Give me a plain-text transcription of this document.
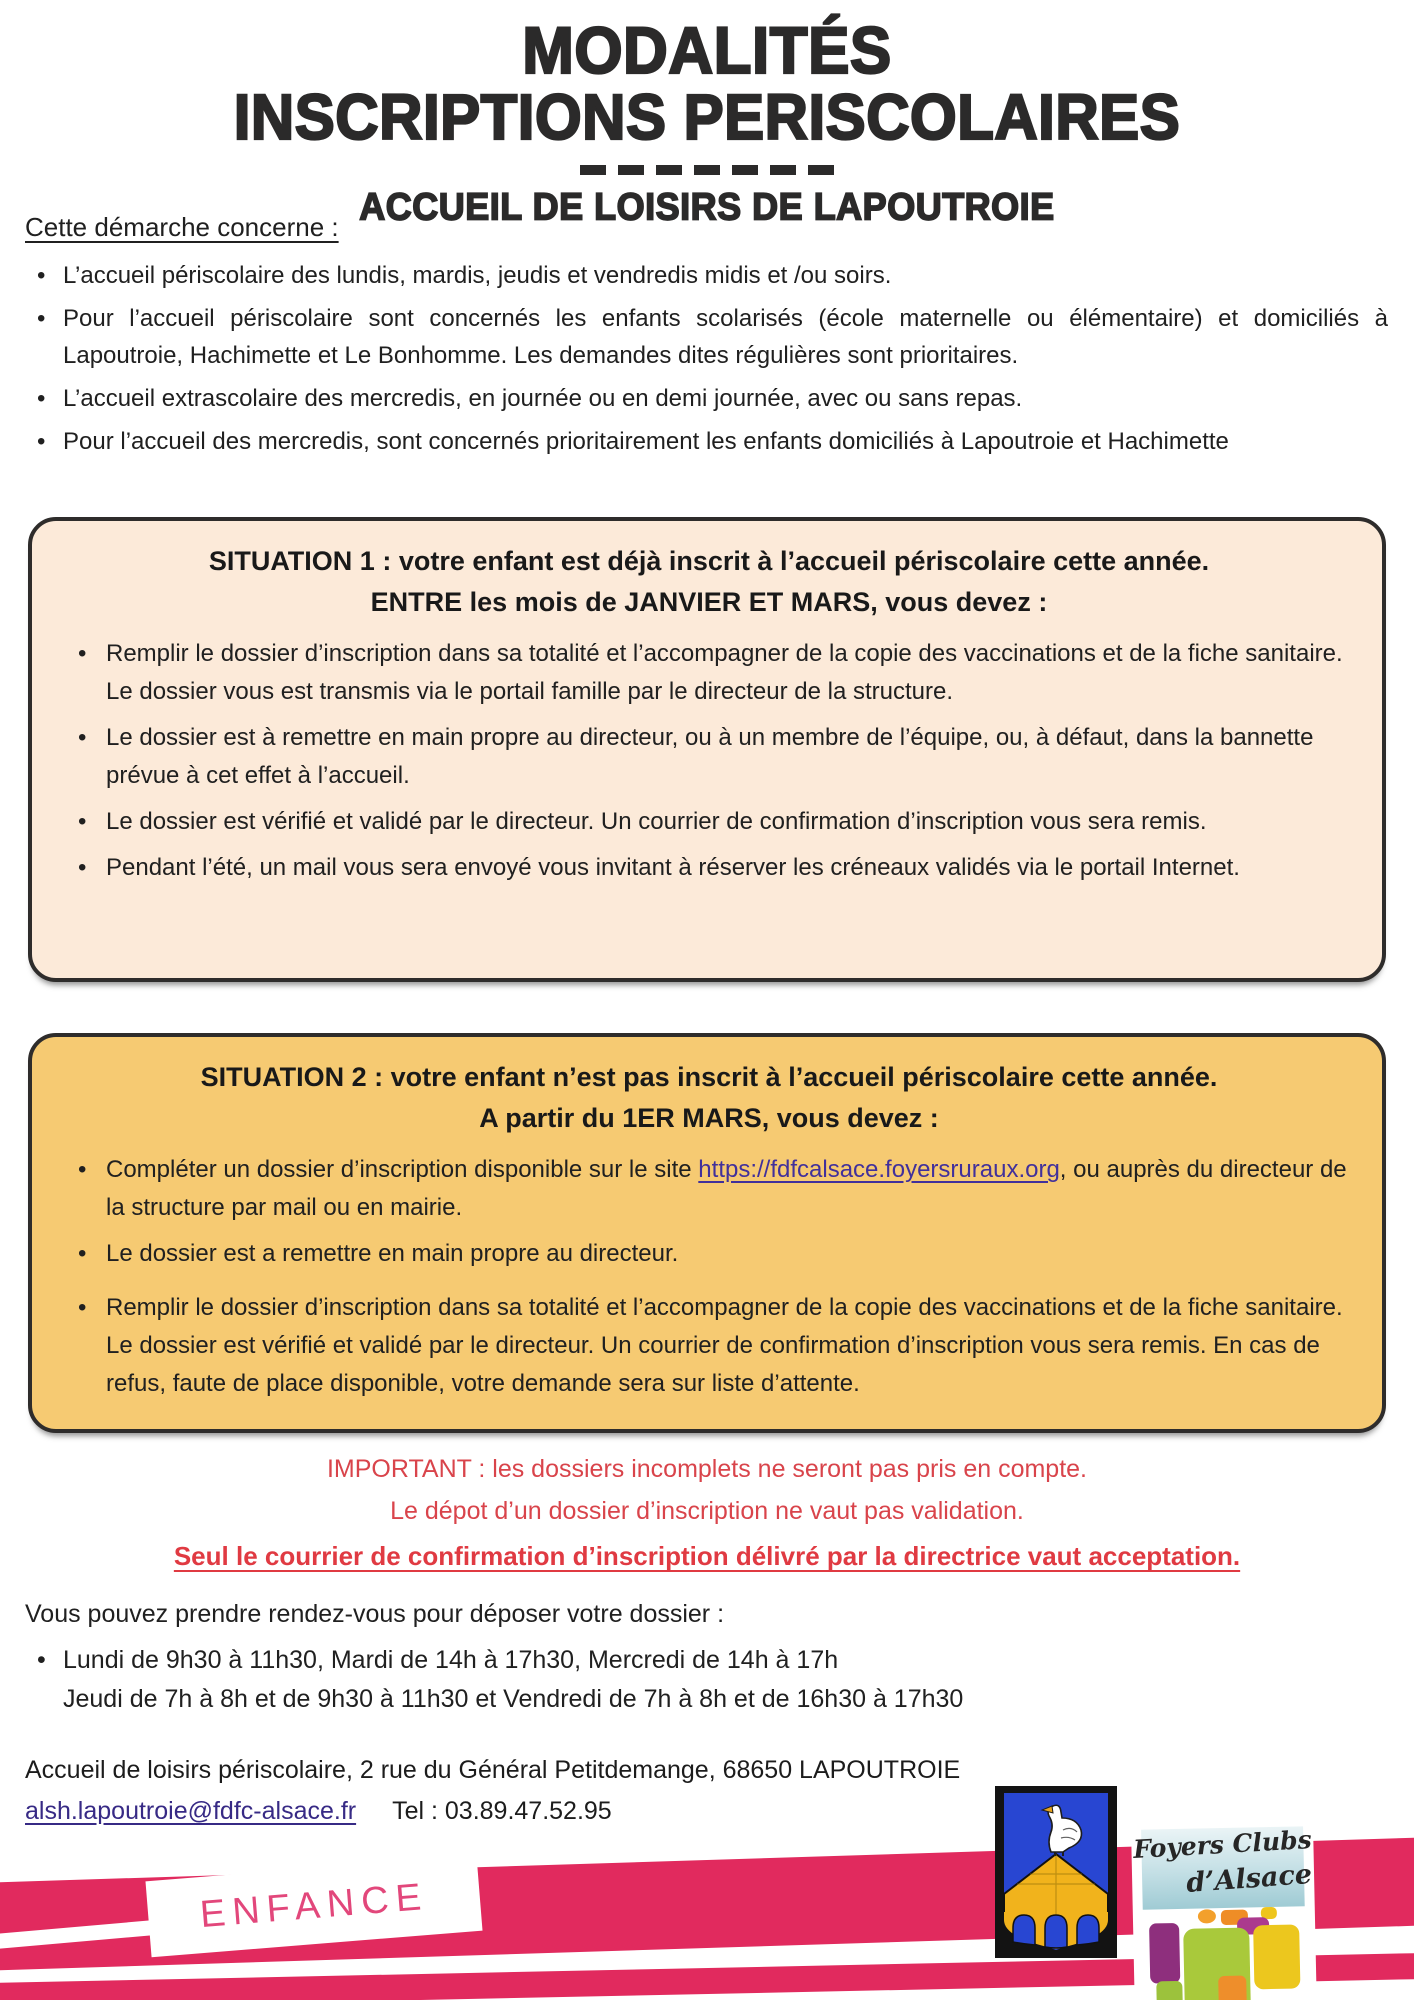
MODALITÉS
INSCRIPTIONS PERISCOLAIRES
ACCUEIL DE LOISIRS DE LAPOUTROIE
Cette démarche concerne :
• L’accueil périscolaire des lundis, mardis, jeudis et vendredis midis et /ou soirs.
• Pour l’accueil périscolaire sont concernés les enfants scolarisés (école maternelle ou élémentaire) et domiciliés à Lapoutroie, Hachimette et Le Bonhomme. Les demandes dites régulières sont prioritaires.
• L’accueil extrascolaire des mercredis, en journée ou en demi journée, avec ou sans repas.
• Pour l’accueil des mercredis, sont concernés prioritairement les enfants domiciliés à Lapoutroie et Hachimette
SITUATION 1 : votre enfant est déjà inscrit à l’accueil périscolaire cette année.
ENTRE les mois de JANVIER ET MARS, vous devez :
• Remplir le dossier d’inscription dans sa totalité et l’accompagner de la copie des vaccinations et de la fiche sanitaire. Le dossier vous est transmis via le portail famille par le directeur de la structure.
• Le dossier est à remettre en main propre au directeur, ou à un membre de l’équipe, ou, à défaut, dans la bannette prévue à cet effet à l’accueil.
• Le dossier est vérifié et validé par le directeur. Un courrier de confirmation d’inscription vous sera remis.
• Pendant l’été, un mail vous sera envoyé vous invitant à réserver les créneaux validés via le portail Internet.
SITUATION 2 : votre enfant n’est pas inscrit à l’accueil périscolaire cette année.
A partir du 1ER MARS, vous devez :
• Compléter un dossier d’inscription disponible sur le site https://fdfcalsace.foyersruraux.org, ou auprès du directeur de la structure par mail ou en mairie.
• Le dossier est a remettre en main propre au directeur.
• Remplir le dossier d’inscription dans sa totalité et l’accompagner de la copie des vaccinations et de la fiche sanitaire. Le dossier est vérifié et validé par le directeur. Un courrier de confirmation d’inscription vous sera remis. En cas de refus, faute de place disponible, votre demande sera sur liste d’attente.
IMPORTANT : les dossiers incomplets ne seront pas pris en compte.
Le dépot d’un dossier d’inscription ne vaut pas validation.
Seul le courrier de confirmation d’inscription délivré par la directrice vaut acceptation.
Vous pouvez prendre rendez-vous pour déposer votre dossier :
• Lundi de 9h30 à 11h30, Mardi de 14h à 17h30, Mercredi de 14h à 17h
Jeudi de 7h à 8h et de 9h30 à 11h30 et Vendredi de 7h à 8h et de 16h30 à 17h30
Accueil de loisirs périscolaire, 2 rue du Général Petitdemange, 68650 LAPOUTROIE
alsh.lapoutroie@fdfc-alsace.fr Tel : 03.89.47.52.95
ENFANCE
Foyers Clubs
d’Alsace
